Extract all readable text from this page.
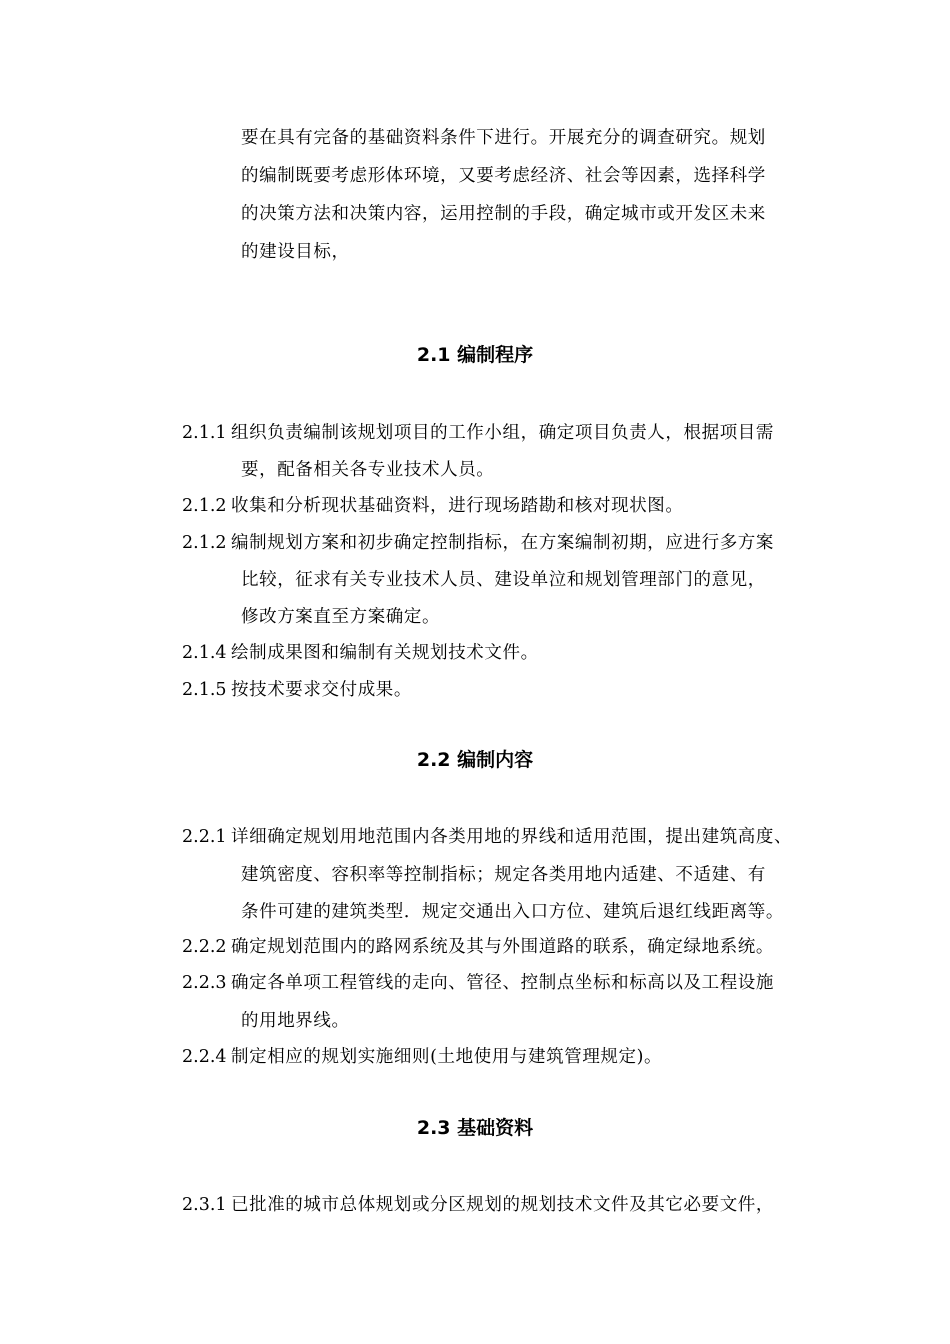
要在具有完备的基础资料条件下进行。开展充分的调查研究。规划
的编制既要考虑形体环境，又要考虑经济、社会等因素，选择科学
的决策方法和决策内容，运用控制的手段，确定城市或开发区未来
的建设目标，
2.1 编制程序
2.1.1 组织负责编制该规划项目的工作小组，确定项目负责人，根据项目需
要，配备相关各专业技术人员。
2.1.2 收集和分析现状基础资料，进行现场踏勘和核对现状图。
2.1.2 编制规划方案和初步确定控制指标，在方案编制初期，应进行多方案
比较，征求有关专业技术人员、建设单泣和规划管理部门的意见，
修改方案直至方案确定。
2.1.4 绘制成果图和编制有关规划技术文件。
2.1.5 按技术要求交付成果。
2.2 编制内容
2.2.1 详细确定规划用地范围内各类用地的界线和适用范围，提出建筑高度、
建筑密度、容积率等控制指标；规定各类用地内适建、不适建、有
条件可建的建筑类型．规定交通出入口方位、建筑后退红线距离等。
2.2.2 确定规划范围内的路网系统及其与外围道路的联系，确定绿地系统。
2.2.3 确定各单项工程管线的走向、管径、控制点坐标和标高以及工程设施
的用地界线。
2.2.4 制定相应的规划实施细则(土地使用与建筑管理规定)。
2.3 基础资料
2.3.1 已批准的城市总体规划或分区规划的规划技术文件及其它必要文件，
